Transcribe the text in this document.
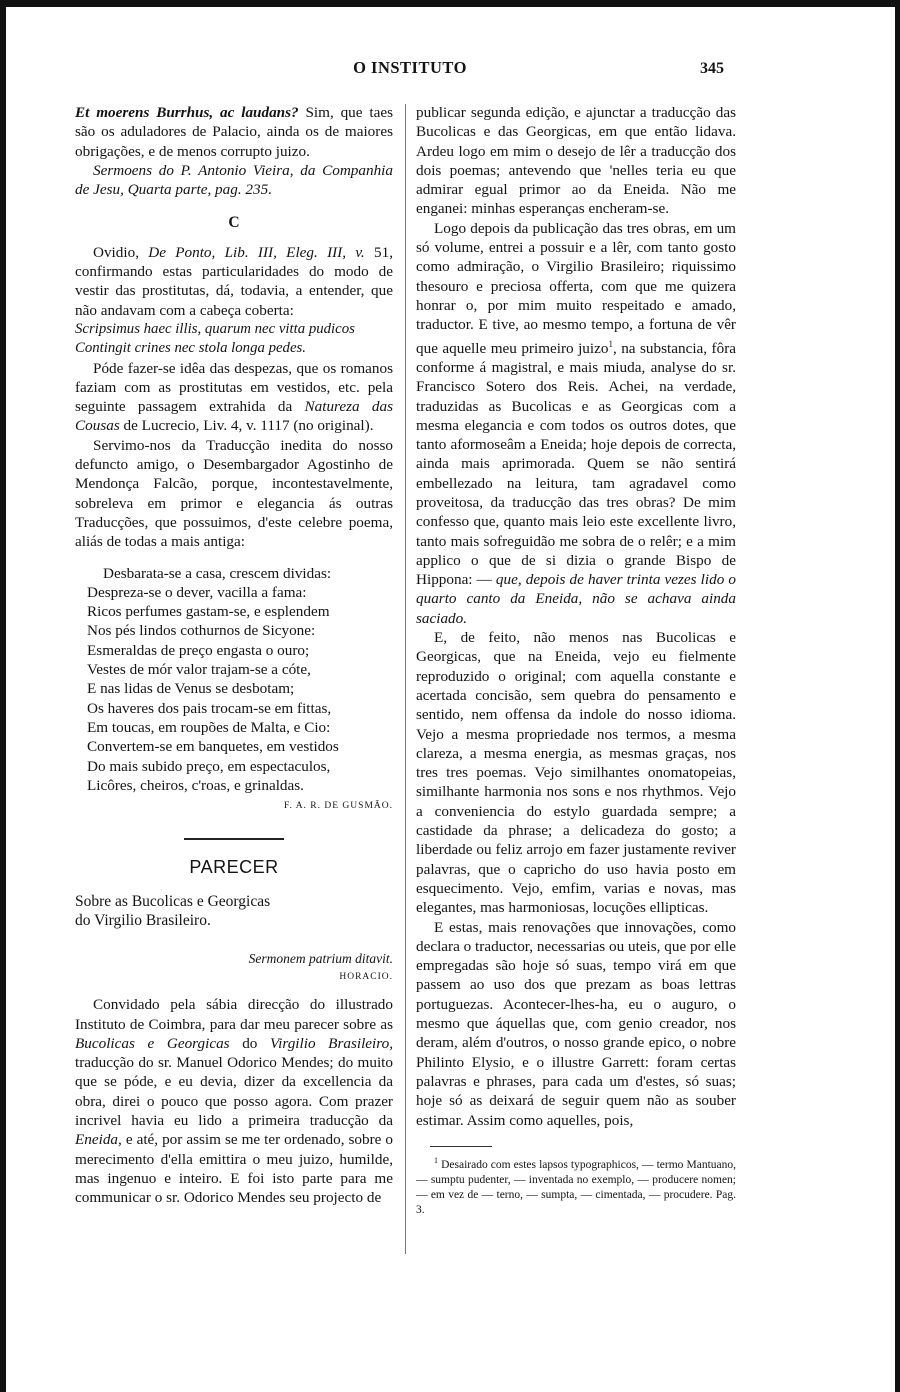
O INSTITUTO	345

Et moerens Burrhus, ac laudans? Sim, que taes são os aduladores de Palacio, ainda os de maiores obrigações, e de menos corrupto juizo.

Sermoens do P. Antonio Vieira, da Companhia de Jesu, Quarta parte, pag. 235.

C

Ovidio, De Ponto, Lib. III, Eleg. III, v. 51, confirmando estas particularidades do modo de vestir das prostitutas, dá, todavia, a entender, que não andavam com a cabeça coberta:

Scripsimus haec illis, quarum nec vitta pudicos

Contingit crines nec stola longa pedes.

Póde fazer-se idêa das despezas, que os romanos faziam com as prostitutas em vestidos, etc. pela seguinte passagem extrahida da Natureza das Cousas de Lucrecio, Liv. 4, v. 1117 (no original).

Servimo-nos da Traducção inedita do nosso defuncto amigo, o Desembargador Agostinho de Mendonça Falcão, porque, incontestavelmente, sobreleva em primor e elegancia ás outras Traducções, que possuimos, d'este celebre poema, aliás de todas a mais antiga:

Desbarata-se a casa, crescem dividas:

Despreza-se o dever, vacilla a fama:

Ricos perfumes gastam-se, e esplendem

Nos pés lindos cothurnos de Sicyone:

Esmeraldas de preço engasta o ouro;

Vestes de mór valor trajam-se a cóte,

E nas lidas de Venus se desbotam;

Os haveres dos pais trocam-se em fittas,

Em toucas, em roupões de Malta, e Cio:

Convertem-se em banquetes, em vestidos

Do mais subido preço, em espectaculos,

Licôres, cheiros, c'roas, e grinaldas.

F. A. R. DE GUSMÃO.
PARECER

Sobre as Bucolicas e Georgicas

do Virgilio Brasileiro.

Sermonem patrium ditavit.
HORACIO.

Convidado pela sábia direcção do illustrado Instituto de Coimbra, para dar meu parecer sobre as Bucolicas e Georgicas do Virgilio Brasileiro, traducção do sr. Manuel Odorico Mendes; do muito que se póde, e eu devia, dizer da excellencia da obra, direi o pouco que posso agora. Com prazer incrivel havia eu lido a primeira traducção da Eneida, e até, por assim se me ter ordenado, sobre o merecimento d'ella emittira o meu juizo, humilde, mas ingenuo e inteiro. E foi isto parte para me communicar o sr. Odorico Mendes seu projecto de

publicar segunda edição, e ajunctar a traducção das Bucolicas e das Georgicas, em que então lidava. Ardeu logo em mim o desejo de lêr a traducção dos dois poemas; antevendo que 'nelles teria eu que admirar egual primor ao da Eneida. Não me enganei: minhas esperanças encheram-se.

Logo depois da publicação das tres obras, em um só volume, entrei a possuir e a lêr, com tanto gosto como admiração, o Virgilio Brasileiro; riquissimo thesouro e preciosa offerta, com que me quizera honrar o, por mim muito respeitado e amado, traductor. E tive, ao mesmo tempo, a fortuna de vêr que aquelle meu primeiro juizo$^1$, na substancia, fôra conforme á magistral, e mais miuda, analyse do sr. Francisco Sotero dos Reis. Achei, na verdade, traduzidas as Bucolicas e as Georgicas com a mesma elegancia e com todos os outros dotes, que tanto aformoseâm a Eneida; hoje depois de correcta, ainda mais aprimorada. Quem se não sentirá embellezado na leitura, tam agradavel como proveitosa, da traducção das tres obras? De mim confesso que, quanto mais leio este excellente livro, tanto mais sofreguidão me sobra de o relêr; e a mim applico o que de si dizia o grande Bispo de Hippona: — que, depois de haver trinta vezes lido o quarto canto da Eneida, não se achava ainda saciado.

E, de feito, não menos nas Bucolicas e Georgicas, que na Eneida, vejo eu fielmente reproduzido o original; com aquella constante e acertada concisão, sem quebra do pensamento e sentido, nem offensa da indole do nosso idioma. Vejo a mesma propriedade nos termos, a mesma clareza, a mesma energia, as mesmas graças, nos tres tres poemas. Vejo similhantes onomatopeias, similhante harmonia nos sons e nos rhythmos. Vejo a conveniencia do estylo guardada sempre; a castidade da phrase; a delicadeza do gosto; a liberdade ou feliz arrojo em fazer justamente reviver palavras, que o capricho do uso havia posto em esquecimento. Vejo, emfim, varias e novas, mas elegantes, mas harmoniosas, locuções ellipticas.

E estas, mais renovações que innovações, como declara o traductor, necessarias ou uteis, que por elle empregadas são hoje só suas, tempo virá em que passem ao uso dos que prezam as boas lettras portuguezas. Acontecer-lhes-ha, eu o auguro, o mesmo que áquellas que, com genio creador, nos deram, além d'outros, o nosso grande epico, o nobre Philinto Elysio, e o illustre Garrett: foram certas palavras e phrases, para cada um d'estes, só suas; hoje só as deixará de seguir quem não as souber estimar. Assim como aquelles, pois,

$^1$ Desairado com estes lapsos typographicos, — termo Mantuano, — sumptu pudenter, — inventada no exemplo, — producere nomen; — em vez de — terno, — sumpta, — cimentada, — procudere. Pag. 3.
